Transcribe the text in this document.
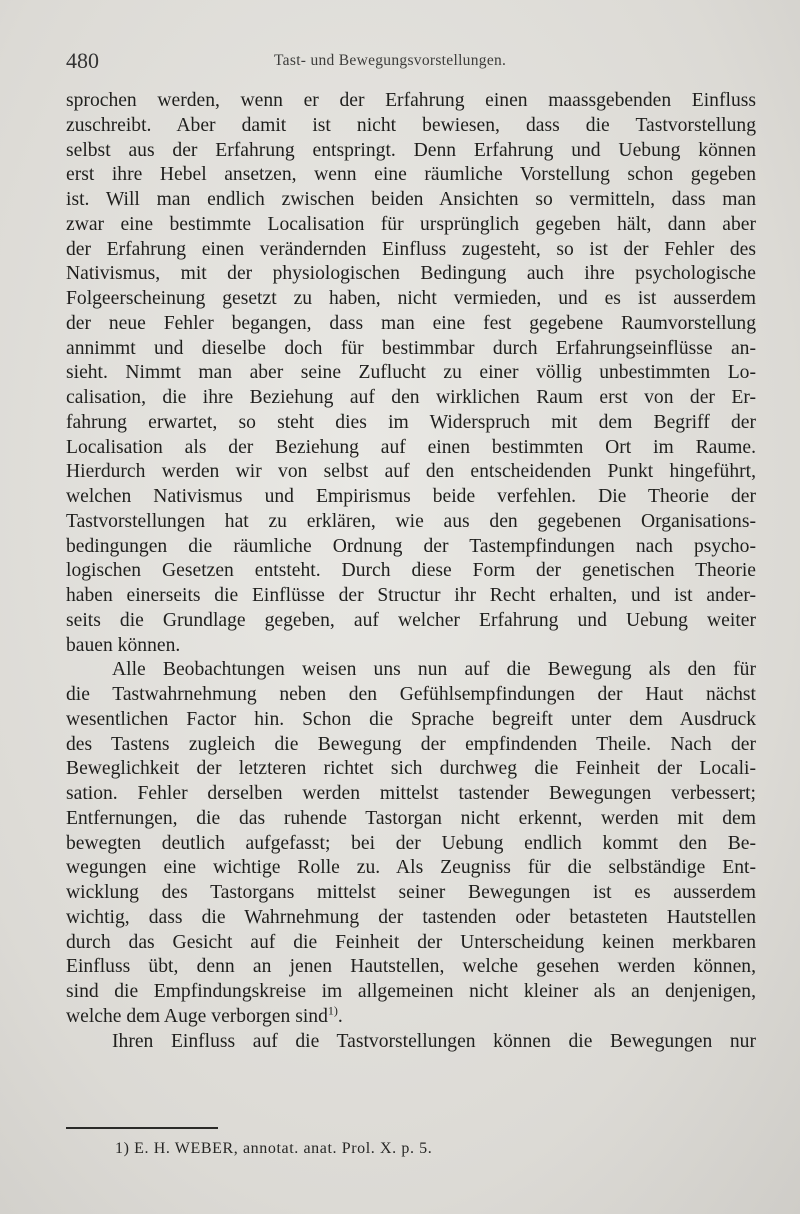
480	Tast- und Bewegungsvorstellungen.
sprochen werden, wenn er der Erfahrung einen maassgebenden Einfluss
zuschreibt. Aber damit ist nicht bewiesen, dass die Tastvorstellung
selbst aus der Erfahrung entspringt. Denn Erfahrung und Uebung können
erst ihre Hebel ansetzen, wenn eine räumliche Vorstellung schon gegeben
ist. Will man endlich zwischen beiden Ansichten so vermitteln, dass man
zwar eine bestimmte Localisation für ursprünglich gegeben hält, dann aber
der Erfahrung einen verändernden Einfluss zugesteht, so ist der Fehler des
Nativismus, mit der physiologischen Bedingung auch ihre psychologische
Folgeerscheinung gesetzt zu haben, nicht vermieden, und es ist ausserdem
der neue Fehler begangen, dass man eine fest gegebene Raumvorstellung
annimmt und dieselbe doch für bestimmbar durch Erfahrungseinflüsse an-
sieht. Nimmt man aber seine Zuflucht zu einer völlig unbestimmten Lo-
calisation, die ihre Beziehung auf den wirklichen Raum erst von der Er-
fahrung erwartet, so steht dies im Widerspruch mit dem Begriff der
Localisation als der Beziehung auf einen bestimmten Ort im Raume.
Hierdurch werden wir von selbst auf den entscheidenden Punkt hingeführt,
welchen Nativismus und Empirismus beide verfehlen. Die Theorie der
Tastvorstellungen hat zu erklären, wie aus den gegebenen Organisations-
bedingungen die räumliche Ordnung der Tastempfindungen nach psycho-
logischen Gesetzen entsteht. Durch diese Form der genetischen Theorie
haben einerseits die Einflüsse der Structur ihr Recht erhalten, und ist ander-
seits die Grundlage gegeben, auf welcher Erfahrung und Uebung weiter
bauen können.
Alle Beobachtungen weisen uns nun auf die Bewegung als den für
die Tastwahrnehmung neben den Gefühlsempfindungen der Haut nächst
wesentlichen Factor hin. Schon die Sprache begreift unter dem Ausdruck
des Tastens zugleich die Bewegung der empfindenden Theile. Nach der
Beweglichkeit der letzteren richtet sich durchweg die Feinheit der Locali-
sation. Fehler derselben werden mittelst tastender Bewegungen verbessert;
Entfernungen, die das ruhende Tastorgan nicht erkennt, werden mit dem
bewegten deutlich aufgefasst; bei der Uebung endlich kommt den Be-
wegungen eine wichtige Rolle zu. Als Zeugniss für die selbständige Ent-
wicklung des Tastorgans mittelst seiner Bewegungen ist es ausserdem
wichtig, dass die Wahrnehmung der tastenden oder betasteten Hautstellen
durch das Gesicht auf die Feinheit der Unterscheidung keinen merkbaren
Einfluss übt, denn an jenen Hautstellen, welche gesehen werden können,
sind die Empfindungskreise im allgemeinen nicht kleiner als an denjenigen,
welche dem Auge verborgen sind$^{1)}$.
Ihren Einfluss auf die Tastvorstellungen können die Bewegungen nur
1) E. H. WEBER, annotat. anat. Prol. X. p. 5.
